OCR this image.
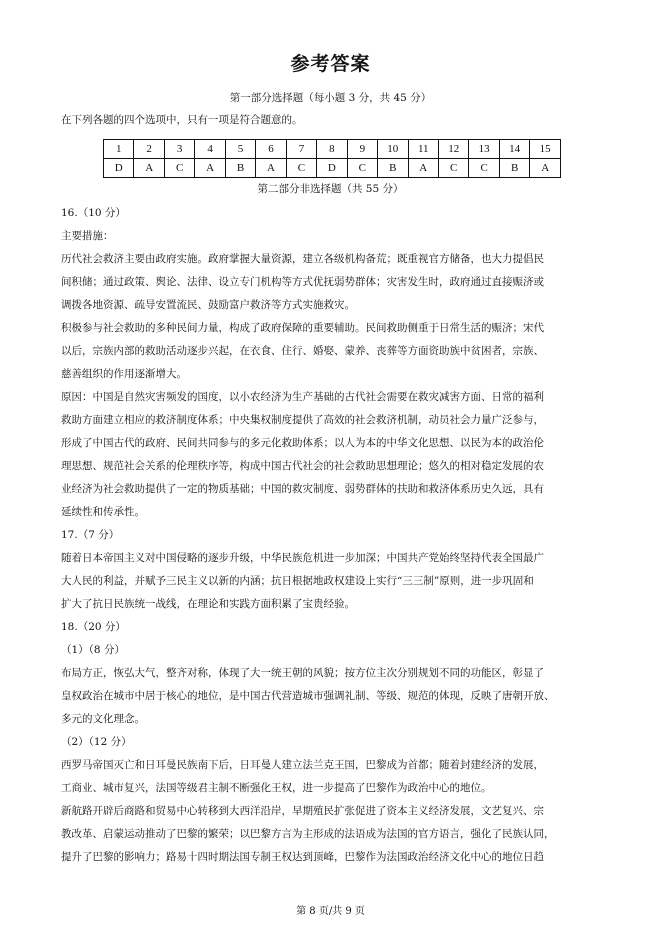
参考答案
第一部分选择题（每小题 3 分，共 45 分）
在下列各题的四个选项中，只有一项是符合题意的。
1	2	3	4	5	6	7	8	9	10	11	12	13	14	15
D	A	C	A	B	A	C	D	C	B	A	C	C	B	A
第二部分非选择题（共 55 分）
16.（10 分）
主要措施：
历代社会救济主要由政府实施。政府掌握大量资源，建立各级机构备荒；既重视官方储备，也大力提倡民
间积储；通过政策、舆论、法律、设立专门机构等方式优抚弱势群体；灾害发生时，政府通过直接赈济或
调拨各地资源、疏导安置流民、鼓励富户救济等方式实施救灾。
积极参与社会救助的多种民间力量，构成了政府保障的重要辅助。民间救助侧重于日常生活的赈济；宋代
以后，宗族内部的救助活动逐步兴起，在衣食、住行、婚娶、蒙养、丧葬等方面资助族中贫困者，宗族、
慈善组织的作用逐渐增大。
原因：中国是自然灾害频发的国度，以小农经济为生产基础的古代社会需要在救灾减害方面、日常的福利
救助方面建立相应的救济制度体系；中央集权制度提供了高效的社会救济机制，动员社会力量广泛参与，
形成了中国古代的政府、民间共同参与的多元化救助体系；以人为本的中华文化思想、以民为本的政治伦
理思想、规范社会关系的伦理秩序等，构成中国古代社会的社会救助思想理论；悠久的相对稳定发展的农
业经济为社会救助提供了一定的物质基础；中国的救灾制度、弱势群体的扶助和救济体系历史久远，具有
延续性和传承性。
17.（7 分）
随着日本帝国主义对中国侵略的逐步升级，中华民族危机进一步加深；中国共产党始终坚持代表全国最广
大人民的利益，并赋予三民主义以新的内涵；抗日根据地政权建设上实行“三三制”原则，进一步巩固和
扩大了抗日民族统一战线，在理论和实践方面积累了宝贵经验。
18.（20 分）
（1）（8 分）
布局方正，恢弘大气，整齐对称，体现了大一统王朝的风貌；按方位主次分别规划不同的功能区，彰显了
皇权政治在城市中居于核心的地位，是中国古代营造城市强调礼制、等级、规范的体现，反映了唐朝开放、
多元的文化理念。
（2）（12 分）
西罗马帝国灭亡和日耳曼民族南下后，日耳曼人建立法兰克王国，巴黎成为首都；随着封建经济的发展，
工商业、城市复兴，法国等级君主制不断强化王权，进一步提高了巴黎作为政治中心的地位。
新航路开辟后商路和贸易中心转移到大西洋沿岸，早期殖民扩张促进了资本主义经济发展，文艺复兴、宗
教改革、启蒙运动推动了巴黎的繁荣；以巴黎方言为主形成的法语成为法国的官方语言，强化了民族认同，
提升了巴黎的影响力；路易十四时期法国专制王权达到顶峰，巴黎作为法国政治经济文化中心的地位日趋
第 8 页/共 9 页
